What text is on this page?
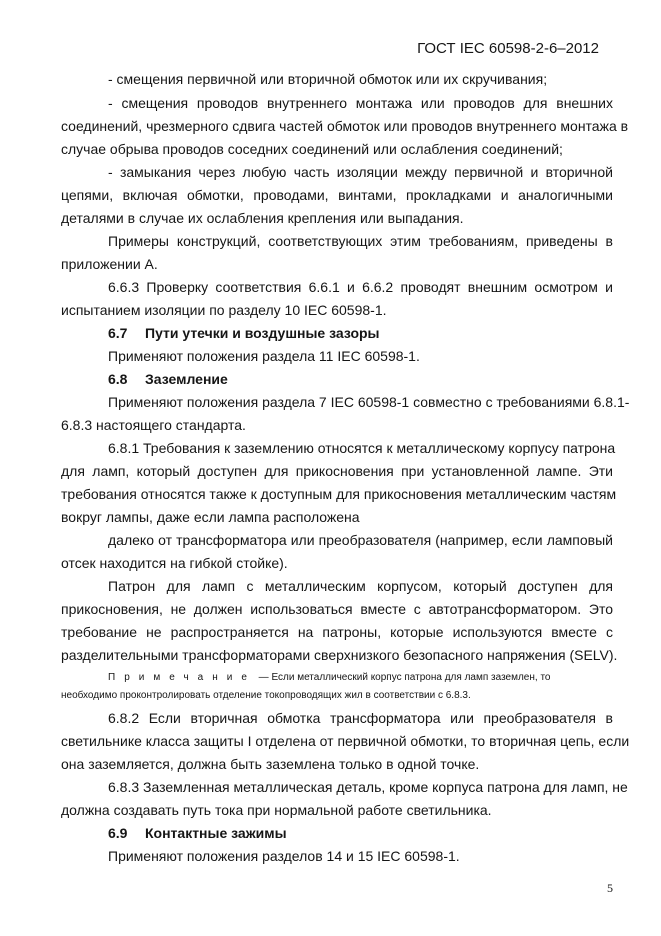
ГОСТ IEC 60598-2-6–2012
- смещения первичной или вторичной обмоток или их скручивания;
- смещения проводов внутреннего монтажа или проводов для внешних
соединений, чрезмерного сдвига частей обмоток или проводов внутреннего монтажа в
случае обрыва проводов соседних соединений или ослабления соединений;
- замыкания через любую часть изоляции между первичной и вторичной
цепями, включая обмотки, проводами, винтами, прокладками и аналогичными
деталями в случае их ослабления крепления или выпадания.
Примеры конструкций, соответствующих этим требованиям, приведены в
приложении А.
6.6.3 Проверку соответствия 6.6.1 и 6.6.2 проводят внешним осмотром и
испытанием изоляции по разделу 10 IEC 60598-1.
6.7 Пути утечки и воздушные зазоры
Применяют положения раздела 11 IEC 60598-1.
6.8 Заземление
Применяют положения раздела 7 IEC 60598-1 совместно с требованиями 6.8.1-
6.8.3 настоящего стандарта.
6.8.1 Требования к заземлению относятся к металлическому корпусу патрона
для ламп, который доступен для прикосновения при установленной лампе. Эти
требования относятся также к доступным для прикосновения металлическим частям
вокруг лампы, даже если лампа расположена
далеко от трансформатора или преобразователя (например, если ламповый
отсек находится на гибкой стойке).
Патрон для ламп с металлическим корпусом, который доступен для
прикосновения, не должен использоваться вместе с автотрансформатором. Это
требование не распространяется на патроны, которые используются вместе с
разделительными трансформаторами сверхнизкого безопасного напряжения (SELV).
Примечание — Если металлический корпус патрона для ламп заземлен, то
необходимо проконтролировать отделение токопроводящих жил в соответствии с 6.8.3.
6.8.2 Если вторичная обмотка трансформатора или преобразователя в
светильнике класса защиты I отделена от первичной обмотки, то вторичная цепь, если
она заземляется, должна быть заземлена только в одной точке.
6.8.3 Заземленная металлическая деталь, кроме корпуса патрона для ламп, не
должна создавать путь тока при нормальной работе светильника.
6.9 Контактные зажимы
Применяют положения разделов 14 и 15 IEC 60598-1.
5
